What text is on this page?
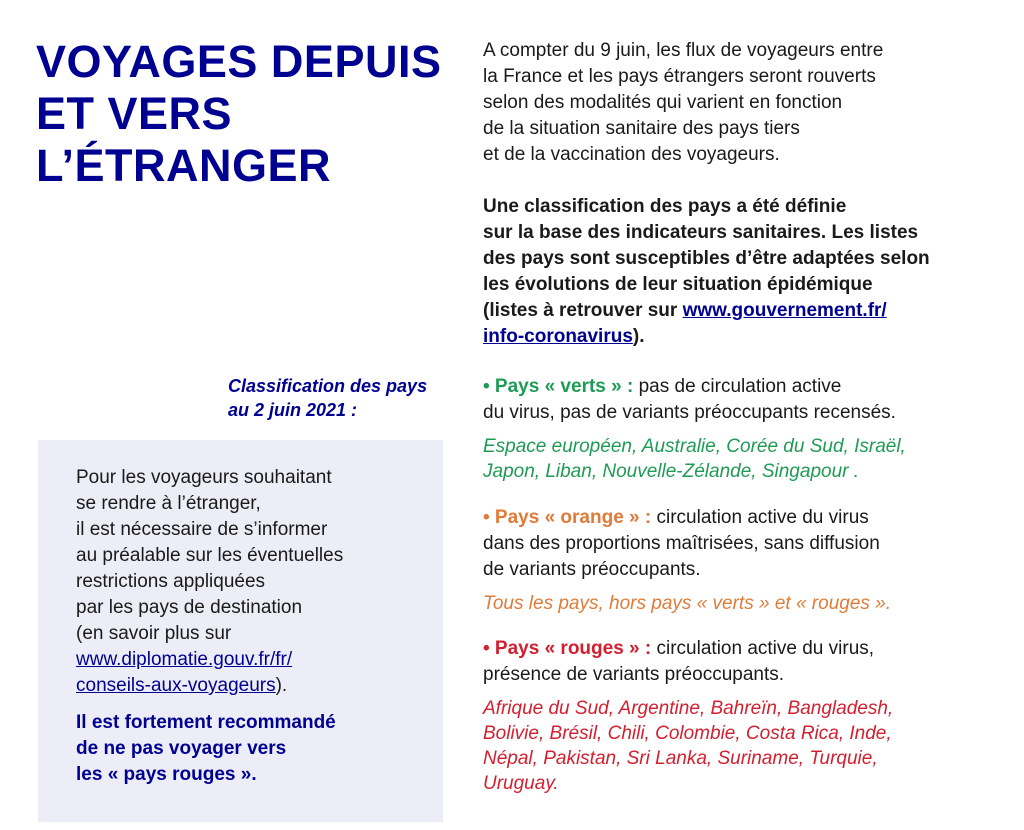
VOYAGES DEPUIS
ET VERS
L’ÉTRANGER
A compter du 9 juin, les flux de voyageurs entre
la France et les pays étrangers seront rouverts
selon des modalités qui varient en fonction
de la situation sanitaire des pays tiers
et de la vaccination des voyageurs.
Une classification des pays a été définie
sur la base des indicateurs sanitaires. Les listes
des pays sont susceptibles d’être adaptées selon
les évolutions de leur situation épidémique
(listes à retrouver sur www.gouvernement.fr/
info-coronavirus).
Classification des pays
au 2 juin 2021 :
Pour les voyageurs souhaitant
se rendre à l’étranger,
il est nécessaire de s’informer
au préalable sur les éventuelles
restrictions appliquées
par les pays de destination
(en savoir plus sur
www.diplomatie.gouv.fr/fr/
conseils-aux-voyageurs).
Il est fortement recommandé
de ne pas voyager vers
les « pays rouges ».
• Pays « verts » : pas de circulation active
du virus, pas de variants préoccupants recensés.
Espace européen, Australie, Corée du Sud, Israël,
Japon, Liban, Nouvelle-Zélande, Singapour .
• Pays « orange » : circulation active du virus
dans des proportions maîtrisées, sans diffusion
de variants préoccupants.
Tous les pays, hors pays « verts » et « rouges ».
• Pays « rouges » : circulation active du virus,
présence de variants préoccupants.
Afrique du Sud, Argentine, Bahreïn, Bangladesh,
Bolivie, Brésil, Chili, Colombie, Costa Rica, Inde,
Népal, Pakistan, Sri Lanka, Suriname, Turquie,
Uruguay.
